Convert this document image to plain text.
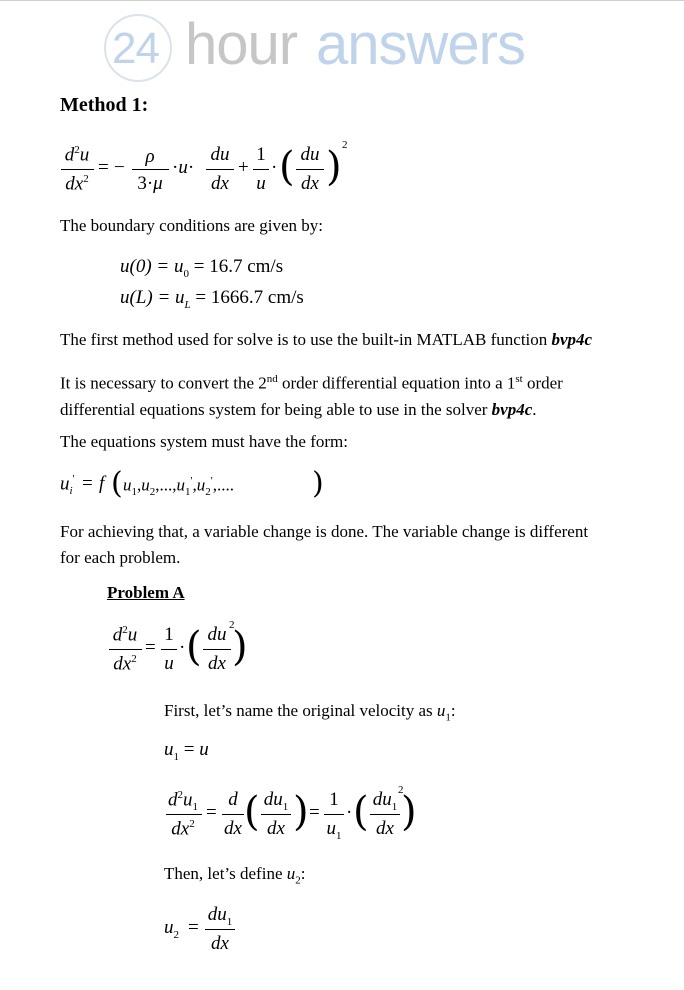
24 hour answers
Method 1:
$d^2u$
$dx^2$
= −
ρ
3·μ
·u·
du
dx
+
1
u
· ( du
dx ) 2
The boundary conditions are given by:
$u(0) = u_0 = 16.7$ cm/s
$u(L) = u_L = 1666.7$ cm/s
The first method used for solve is to use the built-in MATLAB function bvp4c
It is necessary to convert the 2nd order differential equation into a 1st order
differential equations system for being able to use in the solver bvp4c.
The equations system must have the form:
$u_i' = f$ ( $u_1,u_2,...,u_1',u_2'$,....	)
For achieving that, a variable change is done. The variable change is different
for each problem.
Problem A
$d^2u$
$dx^2$
=
1
u
· ( du
dx )
2
First, let’s name the original velocity as $u_1$:
$u_1 = u$
$d^2u_1$
$dx^2$
=
d
dx ( $du_1$
dx ) =
1
$u_1$
· ( $du_1$
dx )
2
Then, let’s define $u_2$:
$u_2$ =
$du_1$
dx
